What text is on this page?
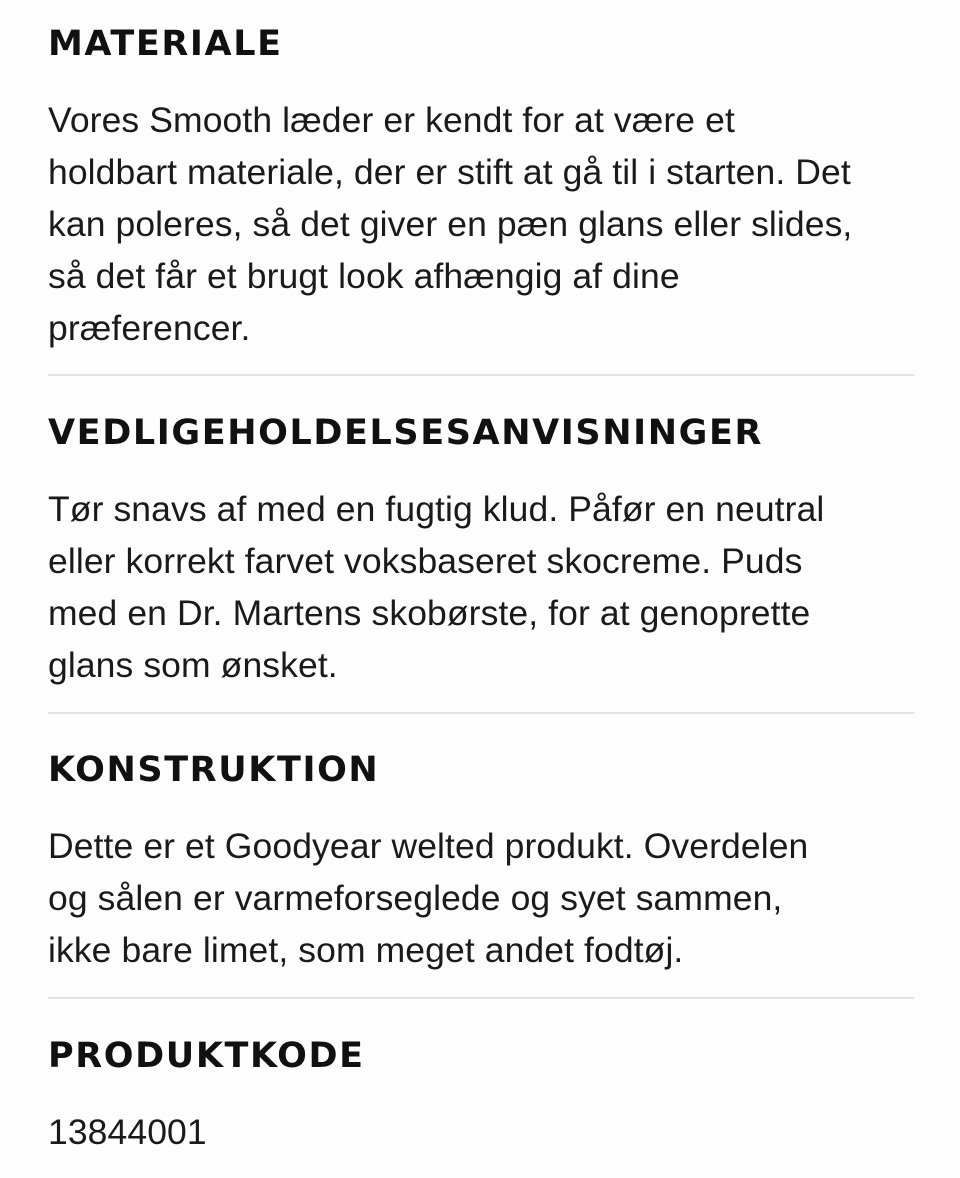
MATERIALE

Vores Smooth læder er kendt for at være et
holdbart materiale, der er stift at gå til i starten. Det
kan poleres, så det giver en pæn glans eller slides,
så det får et brugt look afhængig af dine
præferencer.

VEDLIGEHOLDELSESANVISNINGER

Tør snavs af med en fugtig klud. Påfør en neutral
eller korrekt farvet voksbaseret skocreme. Puds
med en Dr. Martens skobørste, for at genoprette
glans som ønsket.

KONSTRUKTION

Dette er et Goodyear welted produkt. Overdelen
og sålen er varmeforseglede og syet sammen,
ikke bare limet, som meget andet fodtøj.

PRODUKTKODE

13844001
